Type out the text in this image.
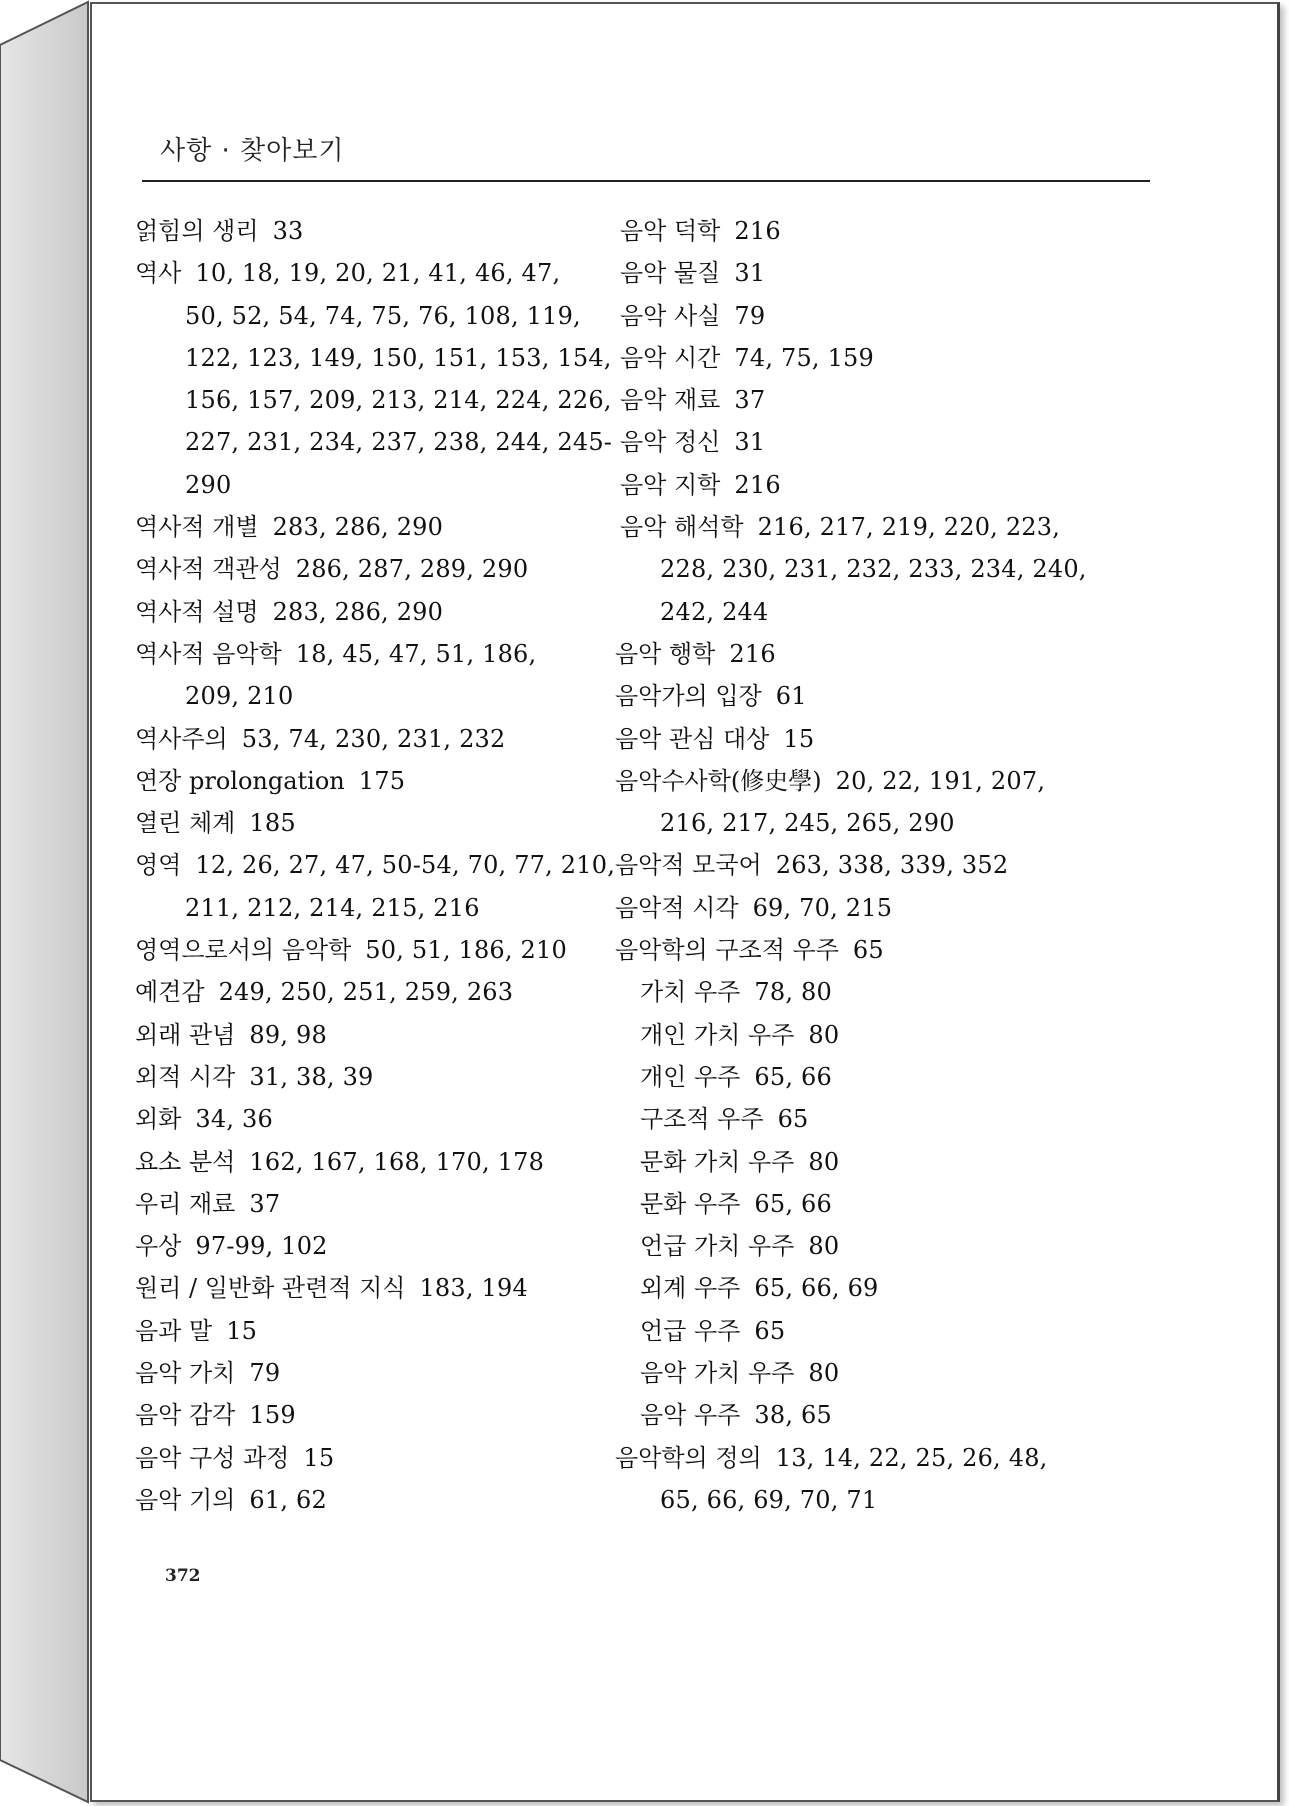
사항 · 찾아보기
얽힘의 생리 33
역사 10, 18, 19, 20, 21, 41, 46, 47,
50, 52, 54, 74, 75, 76, 108, 119,
122, 123, 149, 150, 151, 153, 154,
156, 157, 209, 213, 214, 224, 226,
227, 231, 234, 237, 238, 244, 245-
290
역사적 개별 283, 286, 290
역사적 객관성 286, 287, 289, 290
역사적 설명 283, 286, 290
역사적 음악학 18, 45, 47, 51, 186,
209, 210
역사주의 53, 74, 230, 231, 232
연장 prolongation 175
열린 체계 185
영역 12, 26, 27, 47, 50-54, 70, 77, 210,
211, 212, 214, 215, 216
영역으로서의 음악학 50, 51, 186, 210
예견감 249, 250, 251, 259, 263
외래 관념 89, 98
외적 시각 31, 38, 39
외화 34, 36
요소 분석 162, 167, 168, 170, 178
우리 재료 37
우상 97-99, 102
원리 / 일반화 관련적 지식 183, 194
음과 말 15
음악 가치 79
음악 감각 159
음악 구성 과정 15
음악 기의 61, 62
음악 덕학 216
음악 물질 31
음악 사실 79
음악 시간 74, 75, 159
음악 재료 37
음악 정신 31
음악 지학 216
음악 해석학 216, 217, 219, 220, 223,
228, 230, 231, 232, 233, 234, 240,
242, 244
음악 행학 216
음악가의 입장 61
음악 관심 대상 15
음악수사학(修史學) 20, 22, 191, 207,
216, 217, 245, 265, 290
음악적 모국어 263, 338, 339, 352
음악적 시각 69, 70, 215
음악학의 구조적 우주 65
가치 우주 78, 80
개인 가치 우주 80
개인 우주 65, 66
구조적 우주 65
문화 가치 우주 80
문화 우주 65, 66
언급 가치 우주 80
외계 우주 65, 66, 69
언급 우주 65
음악 가치 우주 80
음악 우주 38, 65
음악학의 정의 13, 14, 22, 25, 26, 48,
65, 66, 69, 70, 71
372
